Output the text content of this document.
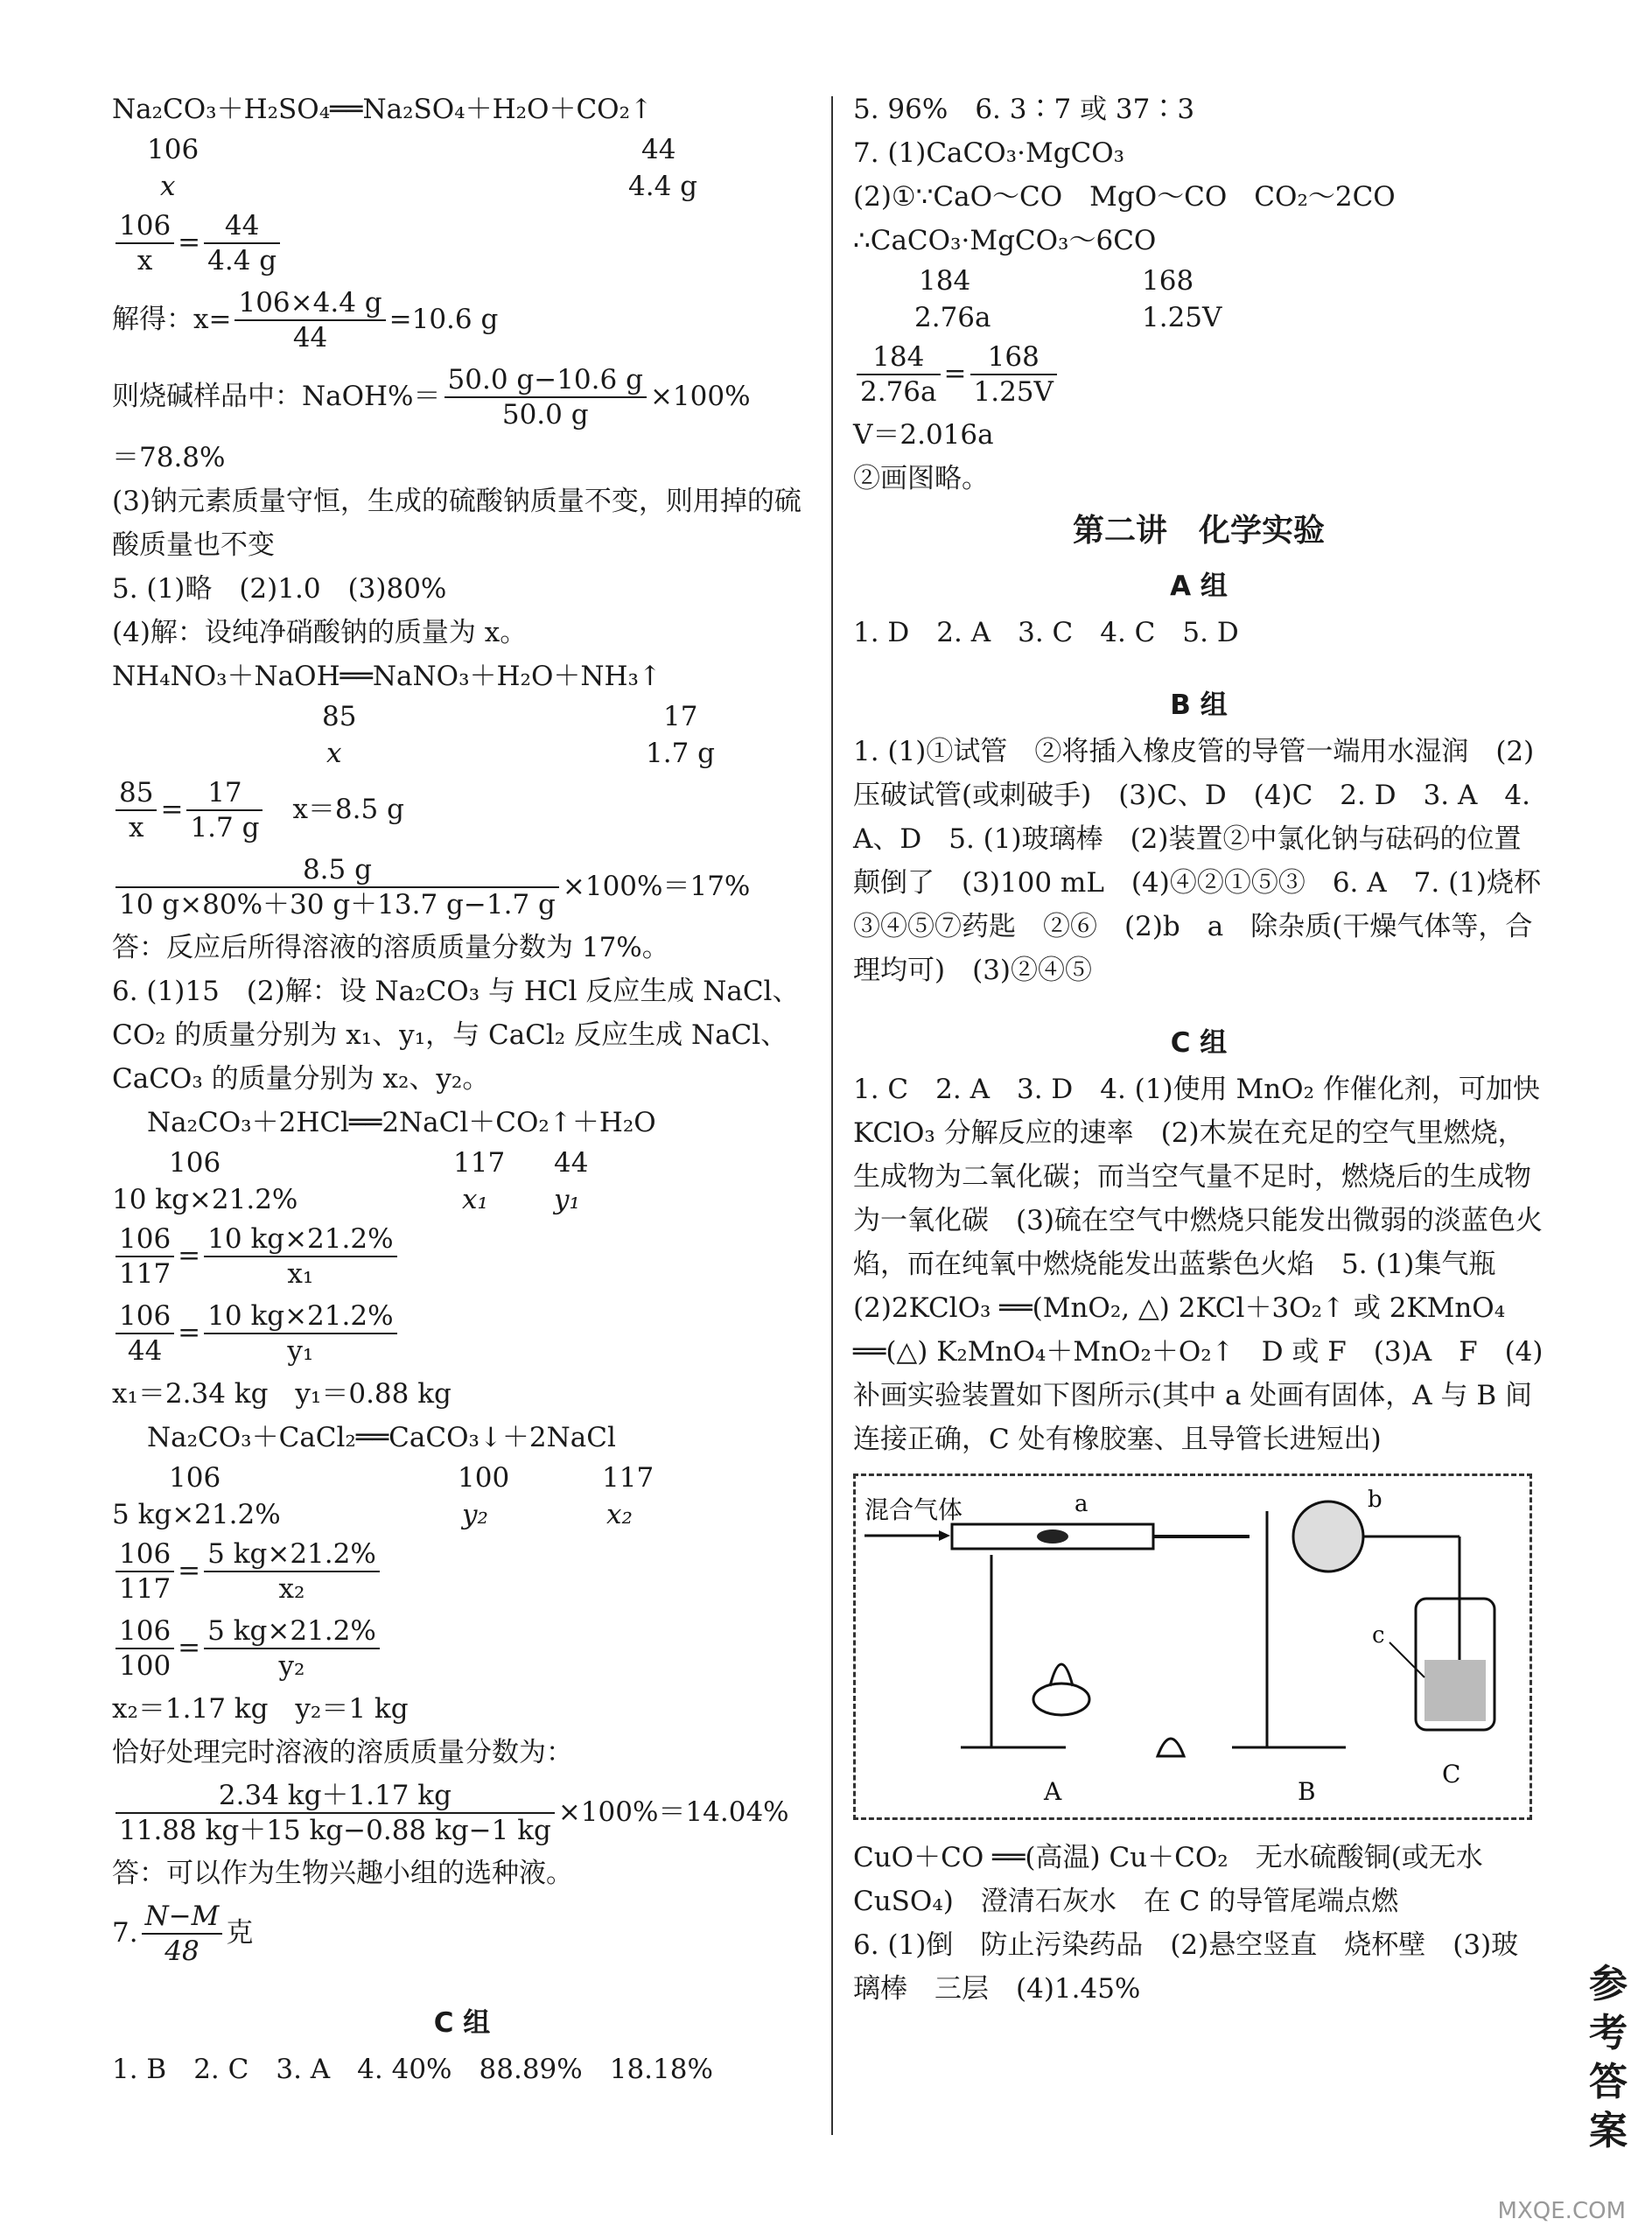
Na₂CO₃＋H₂SO₄══Na₂SO₄＋H₂O＋CO₂↑
106	44
x	4.4 g
$\frac{106}{x} = \frac{44}{4.4 g}$
解得：$x= \frac{106\times 4.4 g}{44} =10.6$ g
则烧碱样品中：NaOH%＝ $\frac{50.0 g-10.6 g}{50.0 g} \times 100\%$
＝78.8%
(3)钠元素质量守恒，生成的硫酸钠质量不变，则用掉的硫酸质量也不变
5. (1)略　(2)1.0　(3)80%
(4)解：设纯净硝酸钠的质量为 x。
NH₄NO₃＋NaOH══NaNO₃＋H₂O＋NH₃↑
85	17
x	1.7 g
$\frac{85}{x} = \frac{17}{1.7 g} x=8.5$ g
$\frac{8.5 g}{10 g\times 80\%+30 g+13.7 g-1.7 g} \times 100\%=17\%$
答：反应后所得溶液的溶质质量分数为 17%。
6. (1)15　(2)解：设 Na₂CO₃ 与 HCl 反应生成 NaCl、CO₂ 的质量分别为 x₁、y₁，与 CaCl₂ 反应生成 NaCl、CaCO₃ 的质量分别为 x₂、y₂。
Na₂CO₃＋2HCl══2NaCl＋CO₂↑＋H₂O
106	117 44
10 kg×21.2%	x₁ y₁
$\frac{106}{117} = \frac{10 kg\times 21.2\%}{\text{x₁}}$
$\frac{106}{44} = \frac{10 kg\times 21.2\%}{\text{y₁}}$
x₁＝2.34 kg　y₁＝0.88 kg
Na₂CO₃＋CaCl₂══CaCO₃↓＋2NaCl
106	100	117
5 kg×21.2%	y₂	x₂
$\frac{106}{117} = \frac{5 kg\times 21.2\%}{\text{x₂}}$
$\frac{106}{100} = \frac{5 kg\times 21.2\%}{\text{y₂}}$
x₂＝1.17 kg　y₂＝1 kg
恰好处理完时溶液的溶质质量分数为：
$\frac{2.34 kg+1.17 kg}{11.88 kg+15 kg-0.88 kg-1 kg} \times 100\%=14.04\%$
答：可以作为生物兴趣小组的选种液。
7. $\frac{N-M}{48}$ 克
C 组
1. B　2. C　3. A　4. 40%　88.89%　18.18%
5. 96%　6. 3∶7 或 37∶3
7. (1)CaCO₃·MgCO₃
(2)①∵CaO～CO　MgO～CO　CO₂～2CO
∴CaCO₃·MgCO₃～6CO
184	168
2.76a	1.25V
$\frac{184}{2.76a} = \frac{168}{1.25V}$
V＝2.016a
②画图略。
第二讲　化学实验
A 组
1. D　2. A　3. C　4. C　5. D
B 组
1. (1)①试管　②将插入橡皮管的导管一端用水湿润　(2)压破试管(或刺破手)　(3)C、D　(4)C　2. D　3. A　4. A、D　5. (1)玻璃棒　(2)装置②中氯化钠与砝码的位置颠倒了　(3)100 mL　(4)④②①⑤③　6. A　7. (1)烧杯　③④⑤⑦药匙　②⑥　(2)b　a　除杂质(干燥气体等，合理均可)　(3)②④⑤
C 组
1. C　2. A　3. D　4. (1)使用 MnO₂ 作催化剂，可加快 KClO₃ 分解反应的速率　(2)木炭在充足的空气里燃烧，生成物为二氧化碳；而当空气量不足时，燃烧后的生成物为一氧化碳　(3)硫在空气中燃烧只能发出微弱的淡蓝色火焰，而在纯氧中燃烧能发出蓝紫色火焰　5. (1)集气瓶　(2)2KClO₃ ══(MnO₂, △) 2KCl＋3O₂↑ 或 2KMnO₄ ══(△) K₂MnO₄＋MnO₂＋O₂↑　D 或 F　(3)A　F　(4)补画实验装置如下图所示(其中 a 处画有固体，A 与 B 间连接正确，C 处有橡胶塞、且导管长进短出)
混合气体	a
A
b
B
c
C
CuO＋CO ══(高温) Cu＋CO₂　无水硫酸铜(或无水 CuSO₄)　澄清石灰水　在 C 的导管尾端点燃
6. (1)倒　防止污染药品　(2)悬空竖直　烧杯壁　(3)玻璃棒　三层　(4)1.45%	参
考
答
案
MXQE.COM
